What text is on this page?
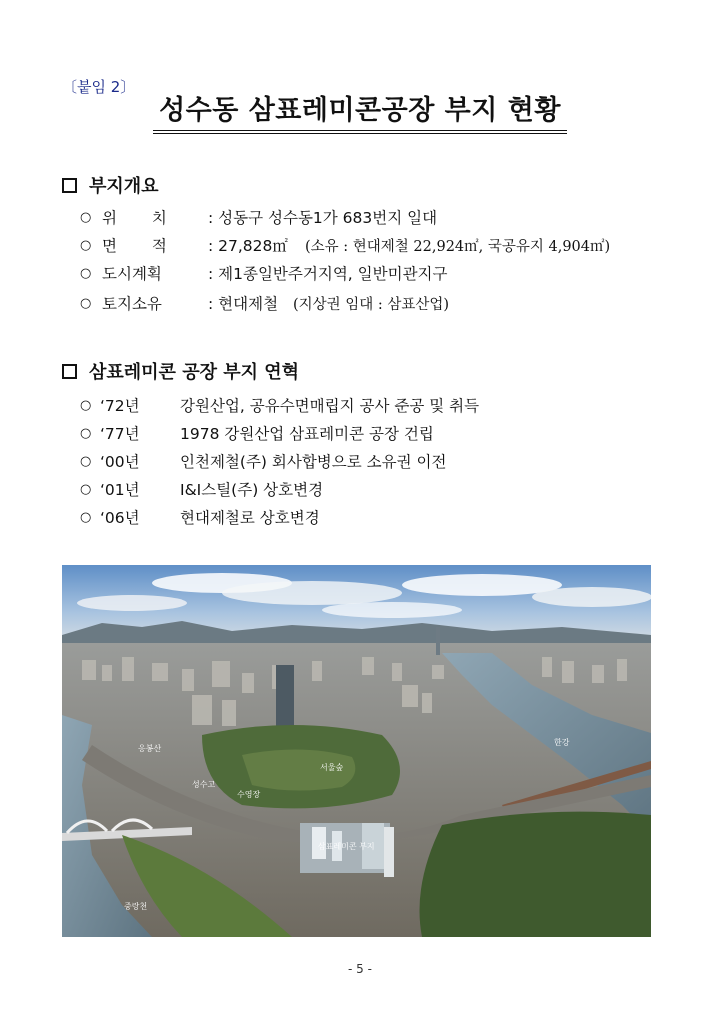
〔붙임 2〕
성수동 삼표레미콘공장 부지 현황
부지개요
○ 위 치 : 성동구 성수동1가 683번지 일대
○ 면 적 : 27,828㎡ (소유 : 현대제철 22,924㎡, 국공유지 4,904㎡)
○ 도시계획	: 제1종일반주거지역, 일반미관지구
○ 토지소유	: 현대제철 (지상권 임대 : 삼표산업)
삼표레미콘 공장 부지 연혁
○ ‘72년	강원산업, 공유수면매립지 공사 준공 및 취득
○ ‘77년	1978 강원산업 삼표레미콘 공장 건립
○ ‘00년	인천제철(주) 회사합병으로 소유권 이전
○ ‘01년	I&I스틸(주) 상호변경
○ ‘06년	현대제철로 상호변경
응봉산
성수고
서울숲
수영장
한강
삼표레미콘 부지
중랑천
- 5 -
